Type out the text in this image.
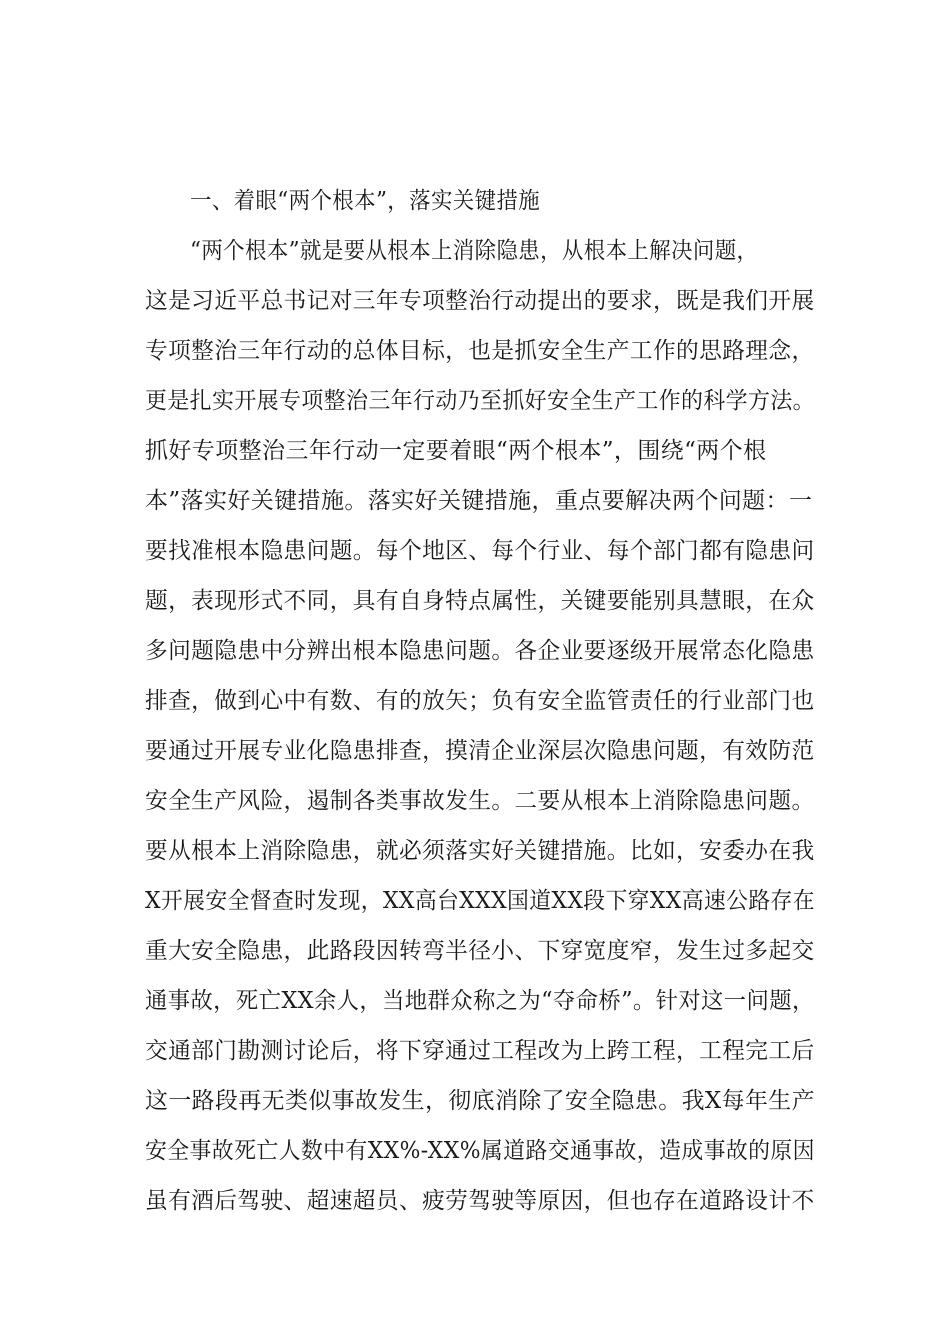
一、着眼“两个根本”，落实关键措施
“两个根本”就是要从根本上消除隐患，从根本上解决问题，
这是习近平总书记对三年专项整治行动提出的要求，既是我们开展
专项整治三年行动的总体目标，也是抓安全生产工作的思路理念，
更是扎实开展专项整治三年行动乃至抓好安全生产工作的科学方法。
抓好专项整治三年行动一定要着眼“两个根本”，围绕“两个根
本”落实好关键措施。落实好关键措施，重点要解决两个问题：一
要找准根本隐患问题。每个地区、每个行业、每个部门都有隐患问
题，表现形式不同，具有自身特点属性，关键要能别具慧眼，在众
多问题隐患中分辨出根本隐患问题。各企业要逐级开展常态化隐患
排查，做到心中有数、有的放矢；负有安全监管责任的行业部门也
要通过开展专业化隐患排查，摸清企业深层次隐患问题，有效防范
安全生产风险，遏制各类事故发生。二要从根本上消除隐患问题。
要从根本上消除隐患，就必须落实好关键措施。比如，安委办在我
X开展安全督查时发现，XX高台XXX国道XX段下穿XX高速公路存在
重大安全隐患，此路段因转弯半径小、下穿宽度窄，发生过多起交
通事故，死亡XX余人，当地群众称之为“夺命桥”。针对这一问题，
交通部门勘测讨论后，将下穿通过工程改为上跨工程，工程完工后
这一路段再无类似事故发生，彻底消除了安全隐患。我X每年生产
安全事故死亡人数中有XX%-XX%属道路交通事故，造成事故的原因
虽有酒后驾驶、超速超员、疲劳驾驶等原因，但也存在道路设计不
